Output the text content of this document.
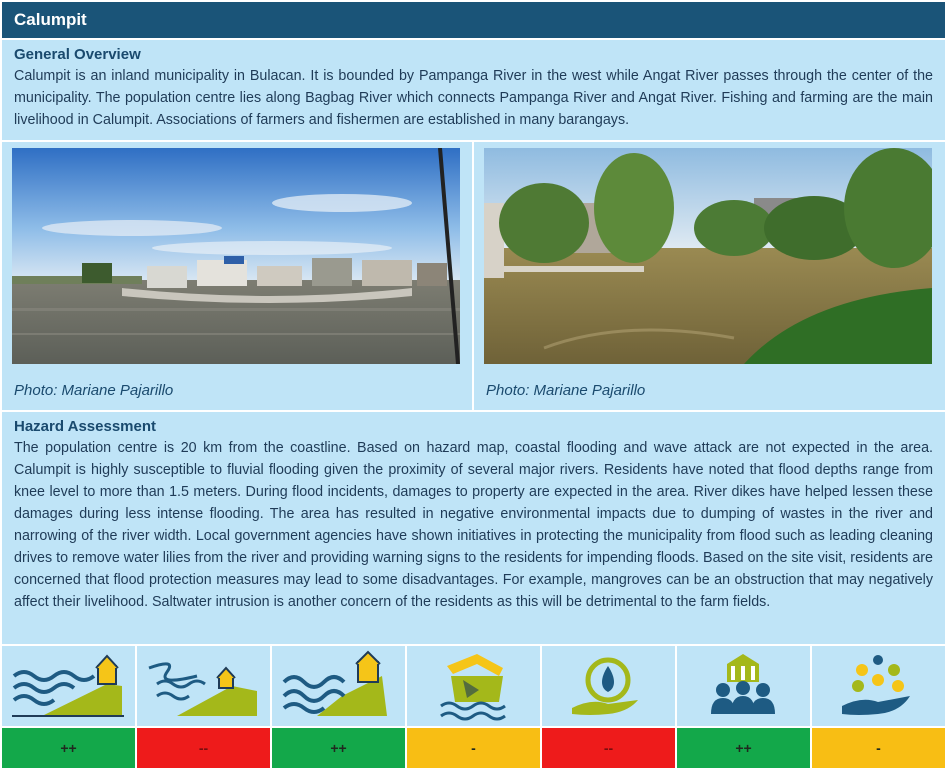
Calumpit
General Overview

Calumpit is an inland municipality in Bulacan. It is bounded by Pampanga River in the west while Angat River passes through the center of the municipality. The population centre lies along Bagbag River which connects Pampanga River and Angat River. Fishing and farming are the main livelihood in Calumpit. Associations of farmers and fishermen are established in many barangays.

Photo: Mariane Pajarillo	Photo: Mariane Pajarillo
Hazard Assessment

The population centre is 20 km from the coastline. Based on hazard map, coastal flooding and wave attack are not expected in the area. Calumpit is highly susceptible to fluvial flooding given the proximity of several major rivers. Residents have noted that flood depths range from knee level to more than 1.5 meters. During flood incidents, damages to property are expected in the area. River dikes have helped lessen these damages during less intense flooding. The area has resulted in negative environmental impacts due to dumping of wastes in the river and narrowing of the river width. Local government agencies have shown initiatives in protecting the municipality from flood such as leading cleaning drives to remove water lilies from the river and providing warning signs to the residents for impending floods. Based on the site visit, residents are concerned that flood protection measures may lead to some disadvantages. For example, mangroves can be an obstruction that may negatively affect their livelihood. Saltwater intrusion is another concern of the residents as this will be detrimental to the farm fields.

++	--	++	-	--	++	-
